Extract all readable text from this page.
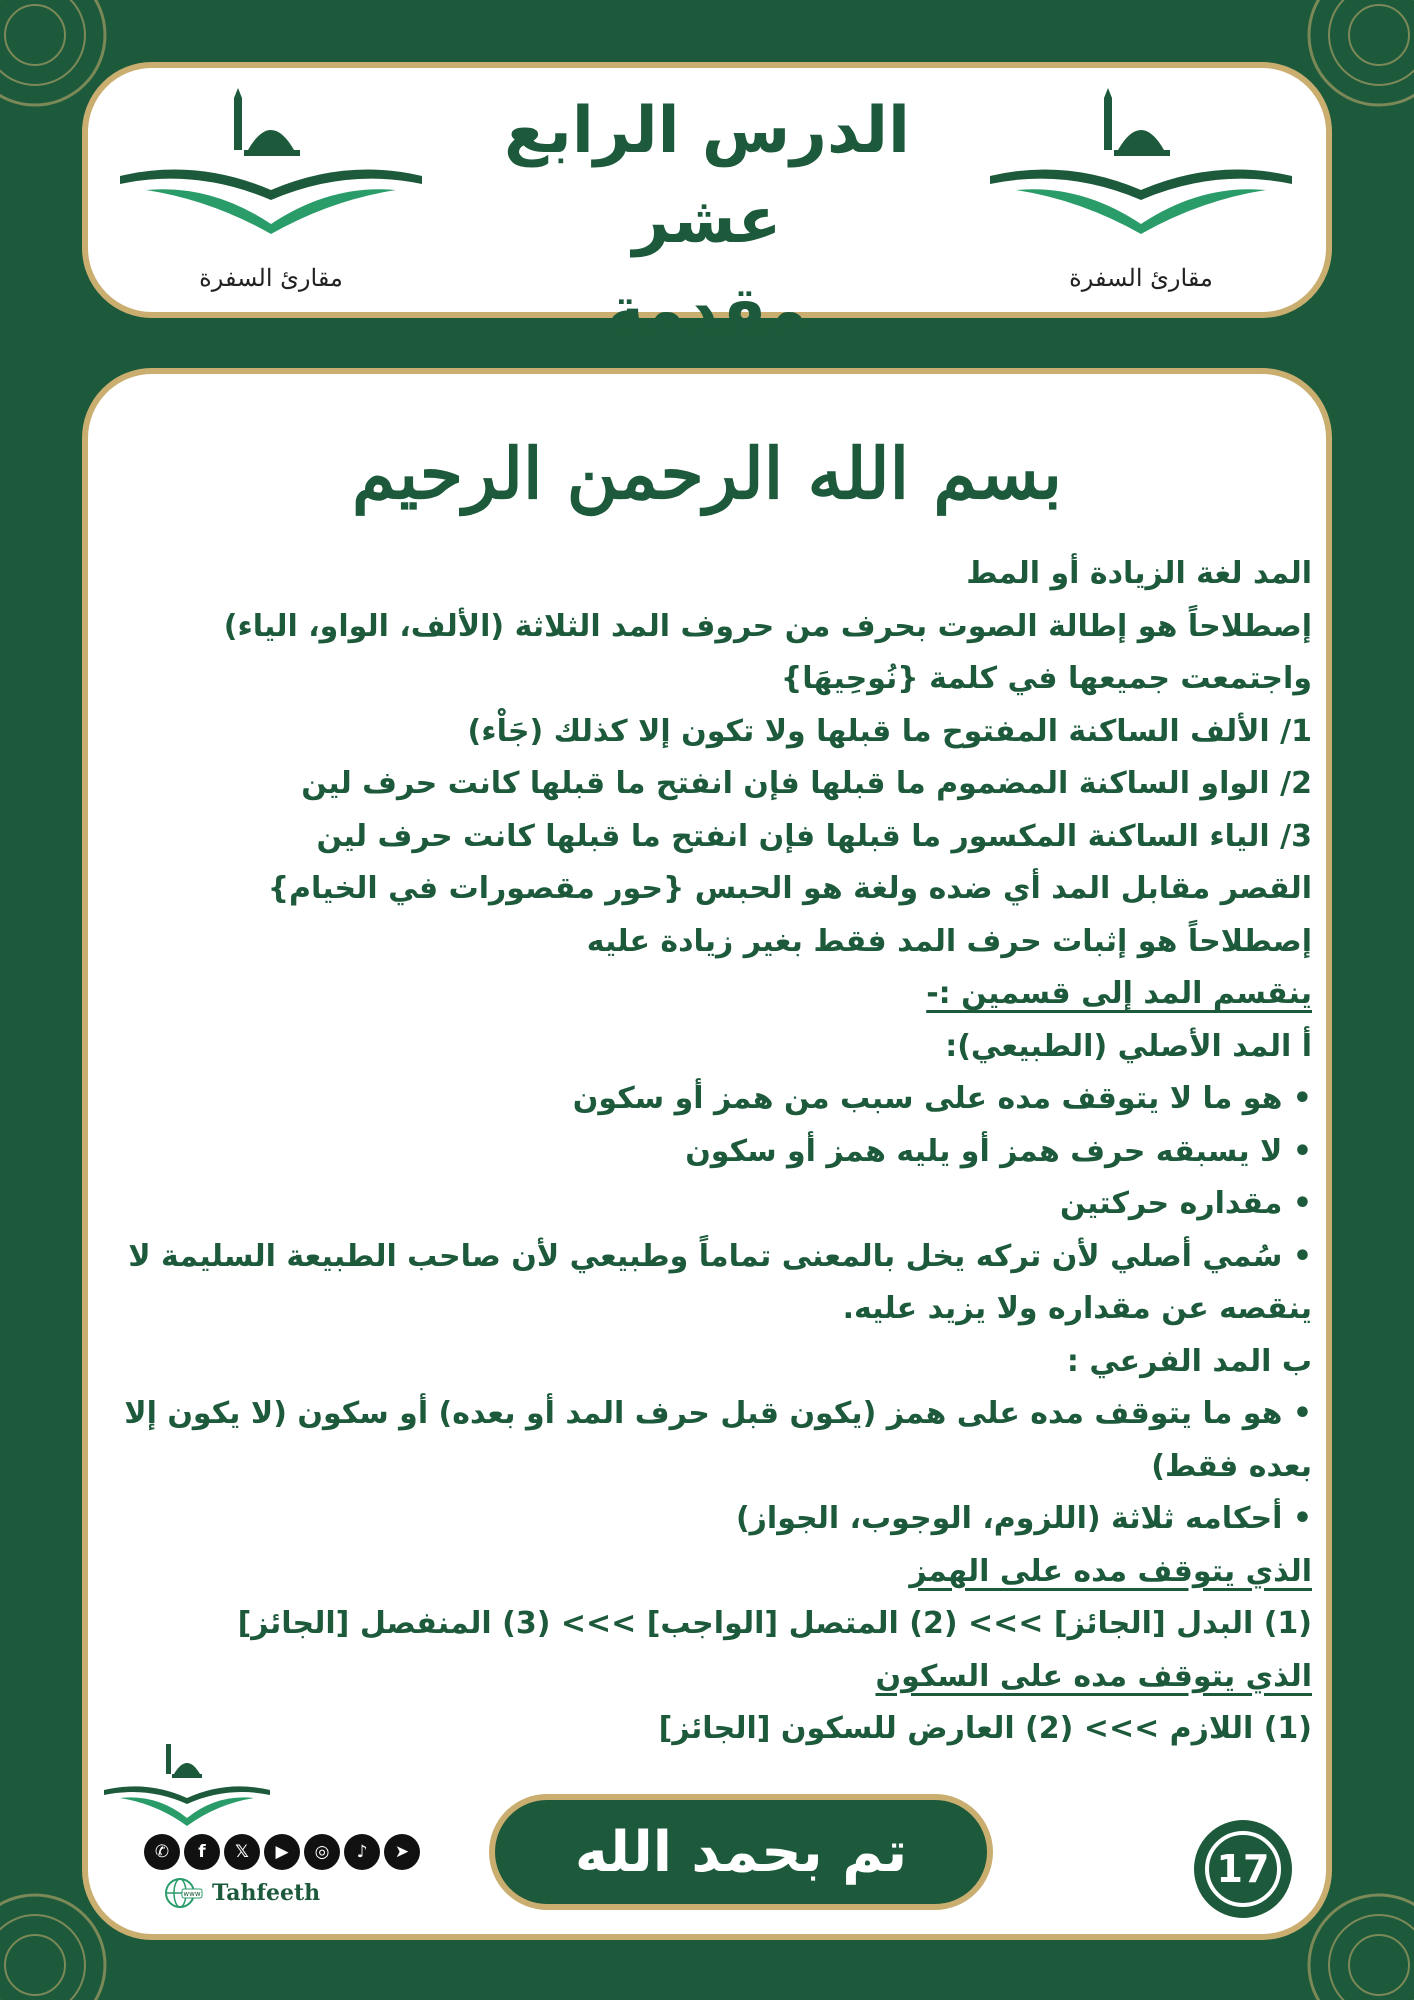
مقارئ السفرة
الدرس الرابع عشر
مقدمة
مقارئ السفرة
بسم الله الرحمن الرحيم
المد لغة الزيادة أو المط
إصطلاحاً هو إطالة الصوت بحرف من حروف المد الثلاثة (الألف، الواو، الياء)
واجتمعت جميعها في كلمة {نُوحِيهَا}
1/ الألف الساكنة المفتوح ما قبلها ولا تكون إلا كذلك (جَاْء)
2/ الواو الساكنة المضموم ما قبلها فإن انفتح ما قبلها كانت حرف لين
3/ الياء الساكنة المكسور ما قبلها فإن انفتح ما قبلها كانت حرف لين
القصر مقابل المد أي ضده ولغة هو الحبس {حور مقصورات في الخيام}
إصطلاحاً هو إثبات حرف المد فقط بغير زيادة عليه
ينقسم المد إلى قسمين :-
أ المد الأصلي (الطبيعي):
• هو ما لا يتوقف مده على سبب من همز أو سكون
• لا يسبقه حرف همز أو يليه همز أو سكون
• مقداره حركتين
• سُمي أصلي لأن تركه يخل بالمعنى تماماً وطبيعي لأن صاحب الطبيعة السليمة لا ينقصه عن مقداره ولا يزيد عليه.
ب المد الفرعي :
• هو ما يتوقف مده على همز (يكون قبل حرف المد أو بعده) أو سكون (لا يكون إلا بعده فقط)
• أحكامه ثلاثة (اللزوم، الوجوب، الجواز)
الذي يتوقف مده على الهمز
(1) البدل [الجائز] >>> (2) المتصل [الواجب] >>> (3) المنفصل [الجائز]
الذي يتوقف مده على السكون
(1) اللازم >>> (2) العارض للسكون [الجائز]
✆	f	𝕏	▶	◎	♪	➤
www Tahfeeth
تم بحمد الله	17
